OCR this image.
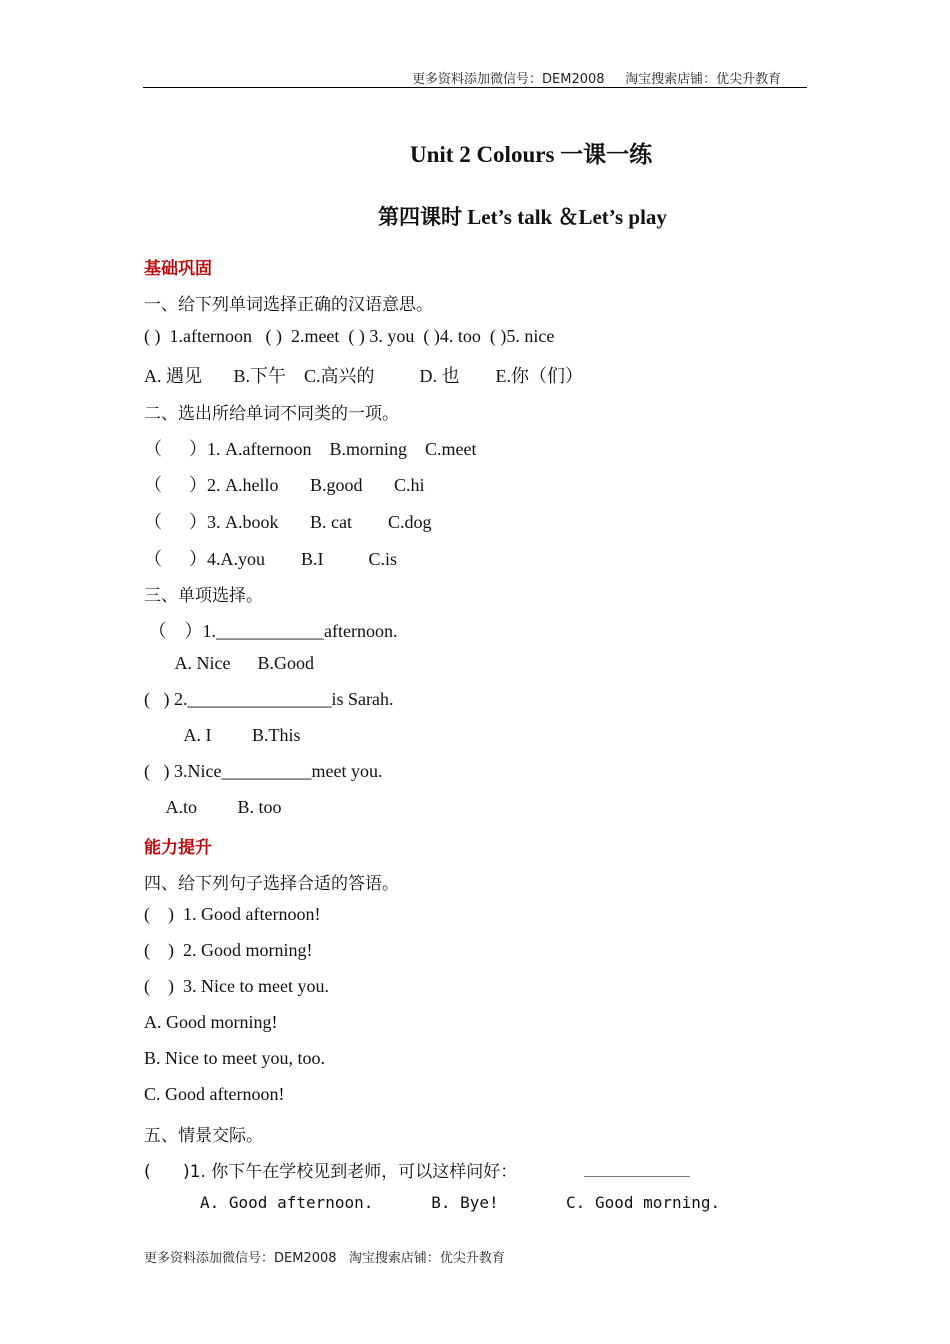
更多资料添加微信号：DEM2008     淘宝搜索店铺：优尖升教育
Unit 2 Colours 一课一练
第四课时 Let’s talk ＆Let’s play
基础巩固
一、给下列单词选择正确的汉语意思。
( )  1.afternoon   ( )  2.meet  ( ) 3. you  ( )4. too  ( )5. nice
A. 遇见       B.下午    C.高兴的          D. 也        E.你（们）
二、选出所给单词不同类的一项。
（      ）1. A.afternoon    B.morning    C.meet
（      ）2. A.hello       B.good       C.hi
（      ）3. A.book       B. cat        C.dog
（      ）4.A.you        B.I          C.is
三、单项选择。
（    ）1.____________afternoon.
A. Nice      B.Good
(   ) 2.________________is Sarah.
A. I         B.This
(   ) 3.Nice__________meet you.
A.to         B. too
能力提升
四、给下列句子选择合适的答语。
(    )  1. Good afternoon!
(    )  2. Good morning!
(    )  3. Nice to meet you.
A. Good morning!
B. Nice to meet you, too.
C. Good afternoon!
五、情景交际。
(      )1. 你下午在学校见到老师，可以这样问好：
A. Good afternoon.      B. Bye!       C. Good morning.
更多资料添加微信号：DEM2008   淘宝搜索店铺：优尖升教育
